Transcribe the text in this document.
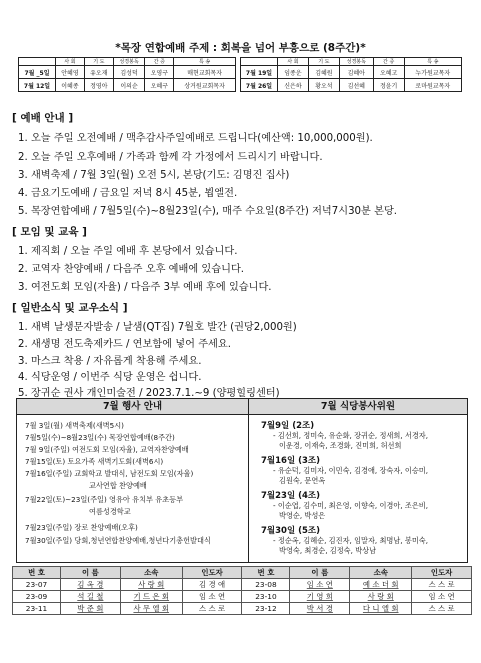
*목장 연합예배 주제 : 회복을 넘어 부흥으로 (8주간)*
	사 회	기 도	성경봉독	간 증	특 송
7월 _5일	안혜영	유오재	김성덕	오영구	매현교회목자
7월 12일	이혜종	정영아	이의순	오혜구	상거원교회목자
	사 회	기 도	성경봉독	간 증	특 송
7월 19일	임종운	김혜원	김혜아	오혜고	누가원교목자
7월 26일	신은하	황오석	김선혜	정윤기	로마원교목자
[ 예배 안내 ]
1. 오늘 주일 오전예배 / 맥추감사주일예배로 드립니다(예산액: 10,000,000원).
2. 오늘 주일 오후예배 / 가족과 함께 각 가정에서 드리시기 바랍니다.
3. 새벽축제 / 7월 3일(월) 오전 5시, 본당(기도: 김명진 집사)
4. 금요기도예배 / 금요일 저녁 8시 45분, 뵙엘전.
5. 목장연합예배 / 7월5일(수)~8월23일(수), 매주 수요일(8주간) 저녁7시30분 본당.
[ 모임 및 교육 ]
1. 제직회 / 오늘 주일 예배 후 본당에서 있습니다.
2. 교역자 찬양예배 / 다음주 오후 예배에 있습니다.
3. 여전도회 모임(자율) / 다음주 3부 예배 후에 있습니다.
[ 일반소식 및 교우소식 ]
1. 새벽 날생문자발송 / 날샘(QT집) 7월호 발간 (권당2,000원)
2. 새생명 전도축제카드 / 연보함에 넣어 주세요.
3. 마스크 착용 / 자유롭게 착용해 주세요.
4. 식당운영 / 이번주 식당 운영은 쉽니다.
5. 장귀순 권사 개인미술전 / 2023.7.1.~9 (양평힐링센터)
7월 행사 안내	7월 식당봉사위원
7월 3일(월) 새벽축제(새벽5시)
7월5일(수)~8월23일(수) 목장연합예배(8주간)
7월 9일(주일) 여전도회 모임(자율), 교역자찬양예배
7월15일(토) 토요가족 새벽기도회(새벽6시)
7월16일(주일) 교회학교 발대식, 남전도회 모임(자율)
교사연합 찬양예배
7월22일(토)~23일(주일) 영유아 유치부 유초등부
여름성경학교
7월23일(주일) 장로 찬양예배(오후)
7월30일(주일) 당회,청년연합찬양예배,청년다기총헌발대식
7월9일 (2조)
- 김선희, 정미숙, 유순화, 장귀순, 정새희, 서경자,
이운경, 이재숙, 조경화, 진미희, 허선희
7월16일 (3조)
- 유순덕, 김미자, 이민숙, 김경애, 장숙자, 이승미,
김원숙, 문연옥
7월23일 (4조)
- 이순엽, 김수미, 최은영, 이향숙, 이경아, 조은비,
박영순, 박성은
7월30일 (5조)
- 정순옥, 김혜순, 김진자, 임말자, 최명남, 봉미숙,
박영숙, 최경순, 김정숙, 박상남
번 호	이 름	소속	인도자	번 호	이 름	소속	인도자
23-07	김 옥 경	사 랑 회	김 경 애	23-08	임 소 연	예 소 더 회	스 스 로
23-09	석 길 철	기 드 온 회	임 소 연	23-10	기 영 희	사 랑 회	임 소 연
23-11	박 준 회	사 무 엘 회	스 스 로	23-12	박 서 경	다 니 엘 회	스 스 로
